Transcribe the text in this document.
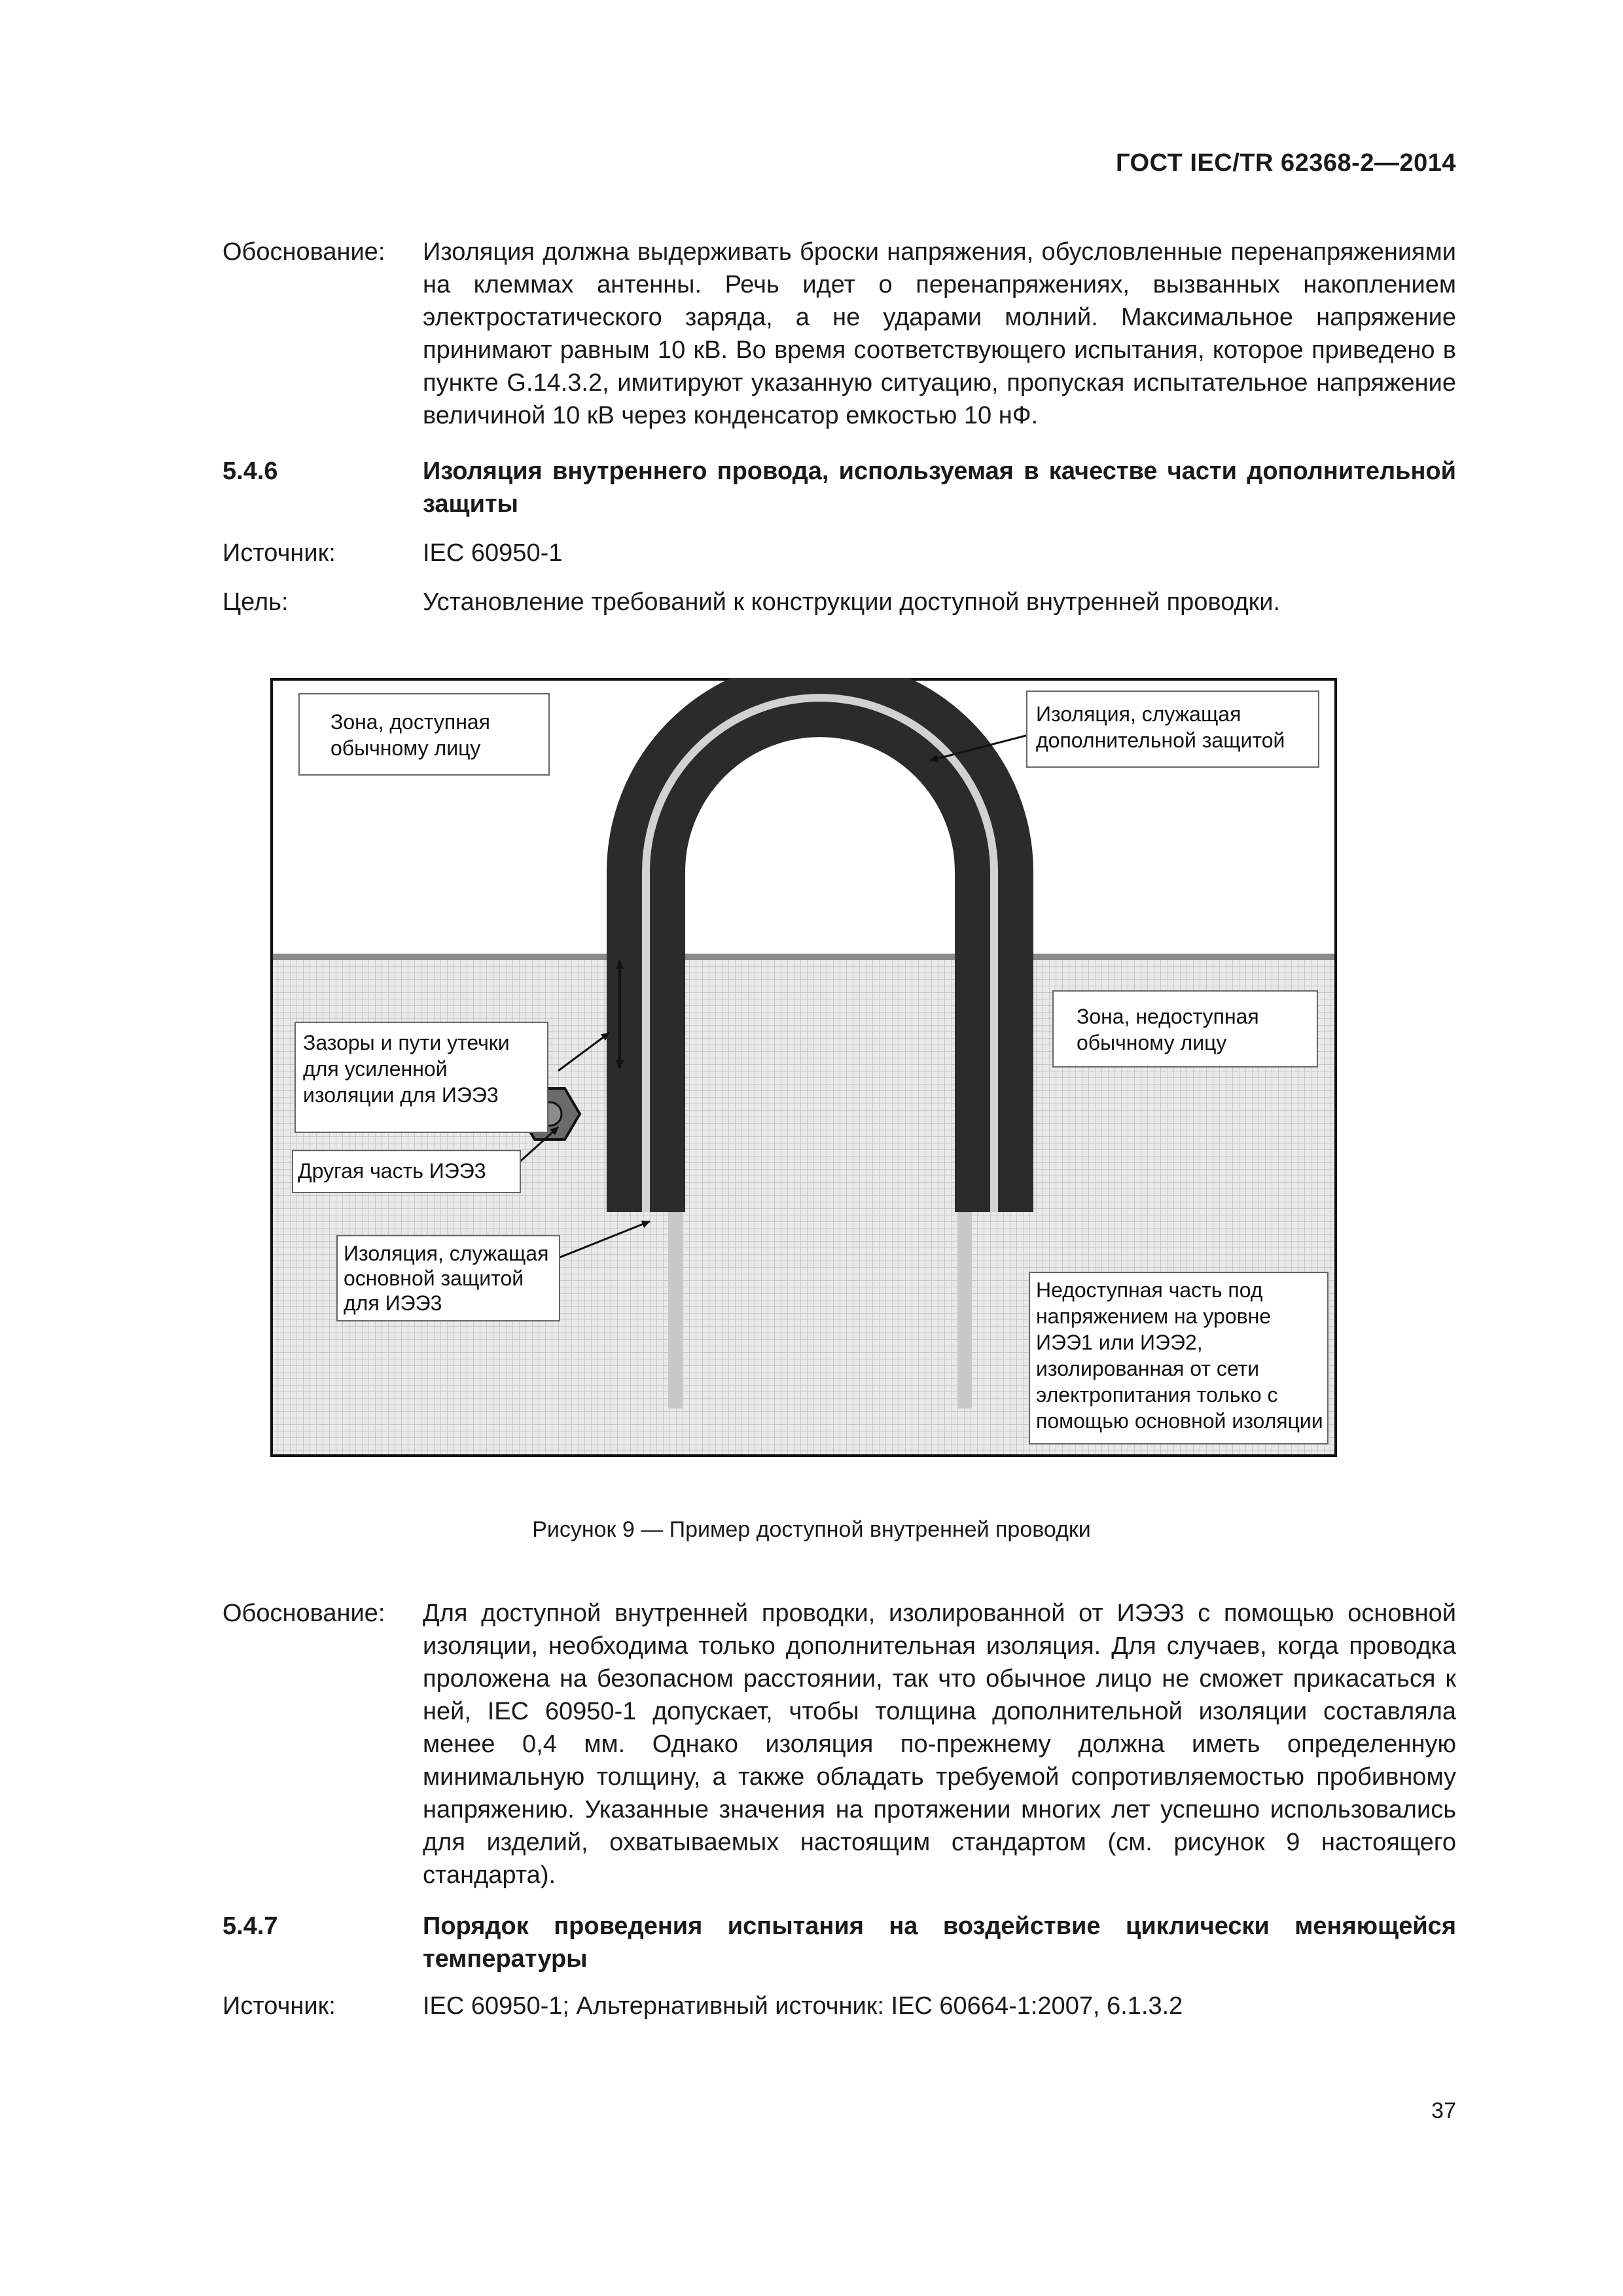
ГОСТ IEC/TR 62368-2—2014
Обоснование:	Изоляция должна выдерживать броски напряжения, обусловленные перенапряжениями на клеммах антенны. Речь идет о перенапряжениях, вызванных накоплением электростатического заряда, а не ударами молний. Максимальное напряжение принимают равным 10 кВ. Во время соответствующего испытания, которое приведено в пункте G.14.3.2, имитируют указанную ситуацию, пропуская испытательное напряжение величиной 10 кВ через конденсатор емкостью 10 нФ.
5.4.6	Изоляция внутреннего провода, используемая в качестве части дополнительной защиты
Источник:	IEC 60950-1
Цель:	Установление требований к конструкции доступной внутренней проводки.
Зона, доступная
обычному лицу
Изоляция, служащая
дополнительной защитой
Зона, недоступная
обычному лицу
Зазоры и пути утечки
для усиленной
изоляции для ИЭЭ3
Другая часть ИЭЭ3
Изоляция, служащая
основной защитой
для ИЭЭ3
Недоступная часть под
напряжением на уровне
ИЭЭ1 или ИЭЭ2,
изолированная от сети
электропитания только с
помощью основной изоляции
Рисунок 9 — Пример доступной внутренней проводки
Обоснование:	Для доступной внутренней проводки, изолированной от ИЭЭ3 с помощью основной изоляции, необходима только дополнительная изоляция. Для случаев, когда проводка проложена на безопасном расстоянии, так что обычное лицо не сможет прикасаться к ней, IEC 60950-1 допускает, чтобы толщина дополнительной изоляции составляла менее 0,4 мм. Однако изоляция по-прежнему должна иметь определенную минимальную толщину, а также обладать требуемой сопротивляемостью пробивному напряжению. Указанные значения на протяжении многих лет успешно использовались для изделий, охватываемых настоящим стандартом (см. рисунок 9 настоящего стандарта).
5.4.7	Порядок проведения испытания на воздействие циклически меняющейся температуры
Источник:	IEC 60950-1; Альтернативный источник: IEC 60664-1:2007, 6.1.3.2
37
